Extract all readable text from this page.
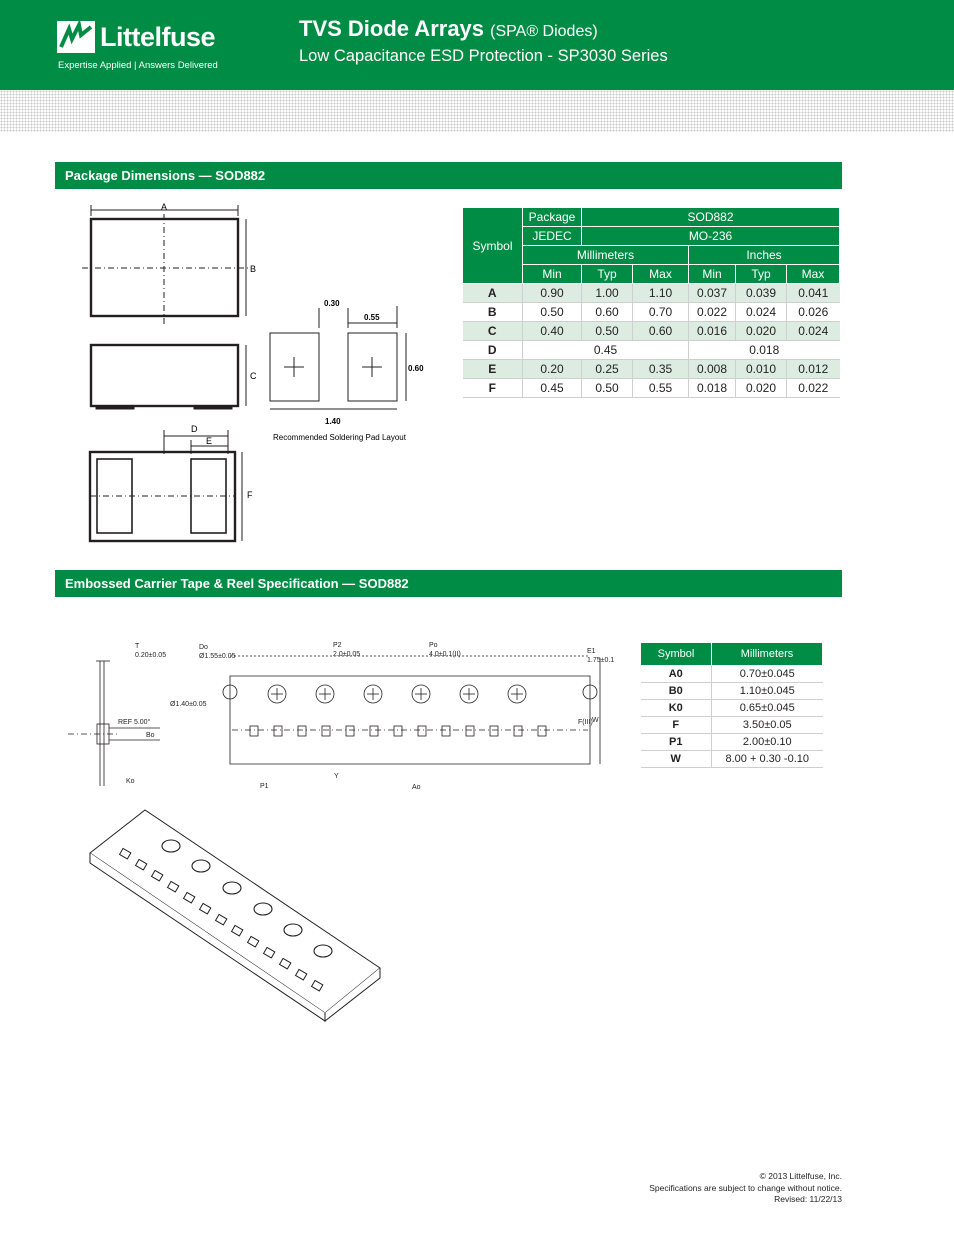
Littelfuse
Expertise Applied | Answers Delivered
TVS Diode Arrays (SPA® Diodes)
Low Capacitance ESD Protection - SP3030 Series
Package Dimensions — SOD882
A
B
C
D
E
F
0.30
0.55
0.60
1.40
Recommended Soldering Pad Layout
Symbol	Package	SOD882				
	JEDEC	MO-236				
	Millimeters			Inches		
	Min	Typ	Max	Min	Typ	Max
A	0.90	1.00	1.10	0.037	0.039	0.041
B	0.50	0.60	0.70	0.022	0.024	0.026
C	0.40	0.50	0.60	0.016	0.020	0.024
D	0.45			0.018		
E	0.20	0.25	0.35	0.008	0.010	0.012
F	0.45	0.50	0.55	0.018	0.020	0.022
Embossed Carrier Tape & Reel Specification — SOD882
T
0.20±0.05
Do
Ø1.55±0.05
P2
2.0±0.05
Po
4.0±0.1(II)	E1
1.75±0.1
Ø1.40±0.05
REF 5.00°
Bo
Ko
P1
Y
Ao
F(III) W
Symbol	Millimeters
A0	0.70±0.045
B0	1.10±0.045
K0	0.65±0.045
F	3.50±0.05
P1	2.00±0.10
W	8.00 + 0.30 -0.10
© 2013 Littelfuse, Inc.
Specifications are subject to change without notice.
Revised: 11/22/13
